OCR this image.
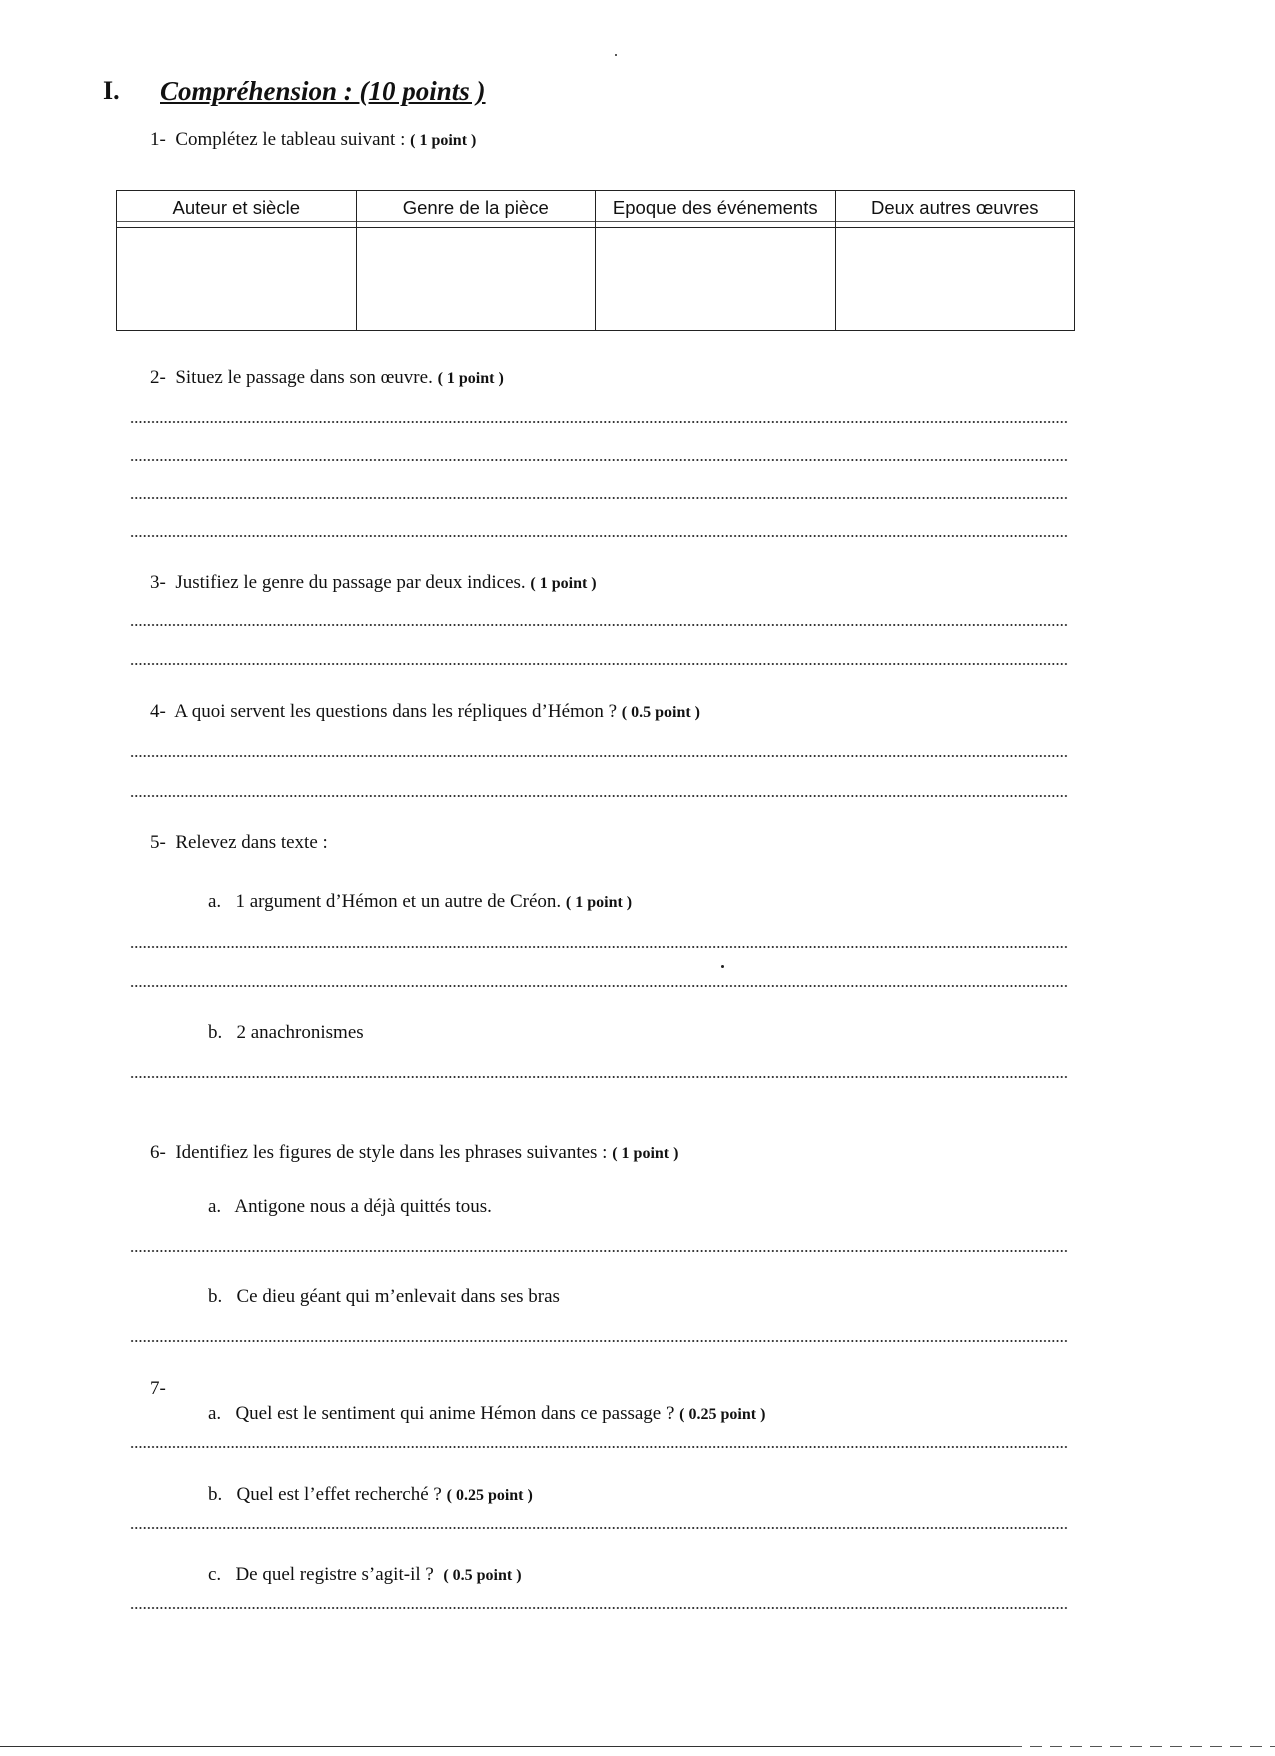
I. Compréhension : (10 points )
1- Complétez le tableau suivant : ( 1 point )
Auteur et siècle	Genre de la pièce	Epoque des événements	Deux autres œuvres

2- Situez le passage dans son œuvre. ( 1 point )
3- Justifiez le genre du passage par deux indices. ( 1 point )
4- A quoi servent les questions dans les répliques d’Hémon ? ( 0.5 point )
5- Relevez dans texte :
a. 1 argument d’Hémon et un autre de Créon. ( 1 point )
b. 2 anachronismes
6- Identifiez les figures de style dans les phrases suivantes : ( 1 point )
a. Antigone nous a déjà quittés tous.
b. Ce dieu géant qui m’enlevait dans ses bras
7-
a. Quel est le sentiment qui anime Hémon dans ce passage ? ( 0.25 point )
b. Quel est l’effet recherché ? ( 0.25 point )
c. De quel registre s’agit-il ? ( 0.5 point )
